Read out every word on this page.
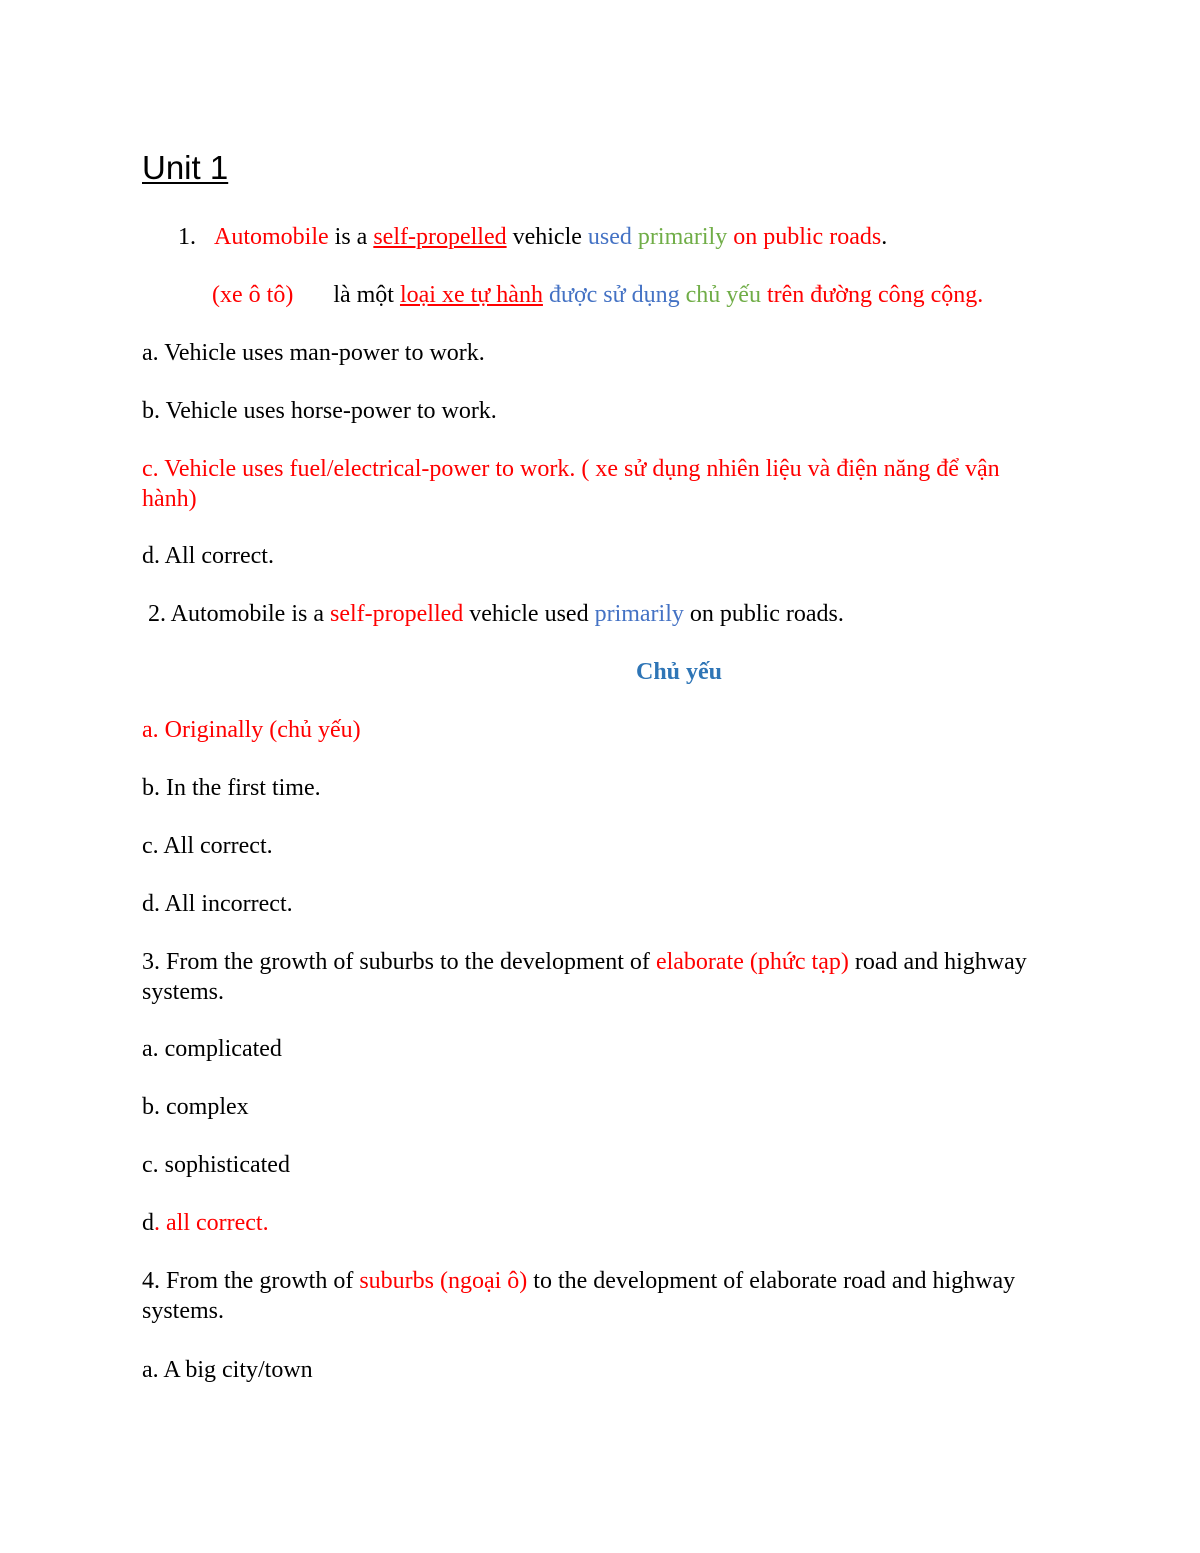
Unit 1

1. Automobile is a self-propelled vehicle used primarily on public roads.

(xe ô tô) là một loại xe tự hành được sử dụng chủ yếu trên đường công cộng.

a. Vehicle uses man-power to work.

b. Vehicle uses horse-power to work.

c. Vehicle uses fuel/electrical-power to work. ( xe sử dụng nhiên liệu và điện năng để vận hành)

d. All correct.

2. Automobile is a self-propelled vehicle used primarily on public roads.

Chủ yếu

a. Originally (chủ yếu)

b. In the first time.

c. All correct.

d. All incorrect.

3. From the growth of suburbs to the development of elaborate (phức tạp) road and highway systems.

a. complicated

b. complex

c. sophisticated

d. all correct.

4. From the growth of suburbs (ngoại ô) to the development of elaborate road and highway systems.

a. A big city/town
